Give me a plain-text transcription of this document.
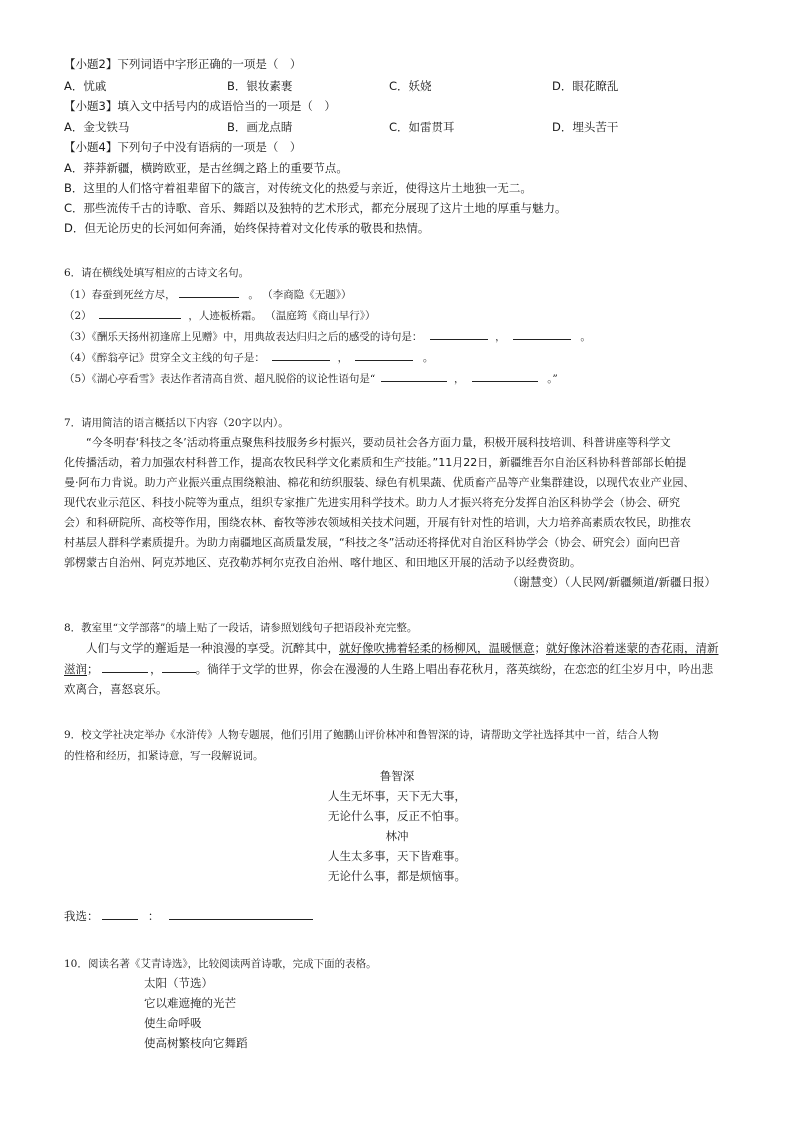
【小题2】下列词语中字形正确的一项是（　）
A．忧戚	B．银妆素裹	C．妖娆	D．眼花瞭乱
【小题3】填入文中括号内的成语恰当的一项是（　）
A．金戈铁马	B．画龙点睛	C．如雷贯耳	D．埋头苦干
【小题4】下列句子中没有语病的一项是（　）
A．莽莽新疆，横跨欧亚，是古丝绸之路上的重要节点。
B．这里的人们恪守着祖辈留下的箴言，对传统文化的热爱与亲近，使得这片土地独一无二。
C．那些流传千古的诗歌、音乐、舞蹈以及独特的艺术形式，都充分展现了这片土地的厚重与魅力。
D．但无论历史的长河如何奔涌，始终保持着对文化传承的敬畏和热情。
6．请在横线处填写相应的古诗文名句。
（1）春蚕到死丝方尽，	。 （李商隐《无题》）
（2）	，人迹板桥霜。 （温庭筠《商山早行》）
（3）《酬乐天扬州初逢席上见赠》中，用典故表达归归之后的感受的诗句是：	，	。
（4）《醉翁亭记》贯穿全文主线的句子是：	，	。
（5）《湖心亭看雪》表达作者清高自赏、超凡脱俗的议论性语句是“	，	。”
7．请用简洁的语言概括以下内容（20字以内）。
“今冬明春‘科技之冬’活动将重点聚焦科技服务乡村振兴，要动员社会各方面力量，积极开展科技培训、科普讲座等科学文
化传播活动，着力加强农村科普工作，提高农牧民科学文化素质和生产技能。”11月22日，新疆维吾尔自治区科协科普部部长帕提
曼·阿布力肯说。助力产业振兴重点围绕粮油、棉花和纺织服装、绿色有机果蔬、优质畜产品等产业集群建设，以现代农业产业园、
现代农业示范区、科技小院等为重点，组织专家推广先进实用科学技术。助力人才振兴将充分发挥自治区科协学会（协会、研究
会）和科研院所、高校等作用，围绕农林、畜牧等涉农领域相关技术问题，开展有针对性的培训，大力培养高素质农牧民，助推农
村基层人群科学素质提升。为助力南疆地区高质量发展，“科技之冬”活动还将择优对自治区科协学会（协会、研究会）面向巴音
郭楞蒙古自治州、阿克苏地区、克孜勒苏柯尔克孜自治州、喀什地区、和田地区开展的活动予以经费资助。
（谢慧变）（人民网/新疆频道/新疆日报）
8．教室里“文学部落”的墙上贴了一段话，请参照划线句子把语段补充完整。
人们与文学的邂逅是一种浪漫的享受。沉醉其中，就好像吹拂着轻柔的杨柳风，温暖惬意；就好像沐浴着迷蒙的杏花雨，清新
滋润；	，	。徜徉于文学的世界，你会在漫漫的人生路上唱出春花秋月，落英缤纷，在恋恋的红尘岁月中，吟出悲
欢离合，喜怒哀乐。
9．校文学社决定举办《水浒传》人物专题展，他们引用了鲍鹏山评价林冲和鲁智深的诗，请帮助文学社选择其中一首，结合人物
的性格和经历，扣紧诗意，写一段解说词。
鲁智深
人生无坏事，天下无大事，
无论什么事，反正不怕事。
林冲
人生太多事，天下皆难事。
无论什么事，都是烦恼事。
我选：	：
10．阅读名著《艾青诗选》，比较阅读两首诗歌，完成下面的表格。
太阳（节选）
它以难遮掩的光芒
使生命呼吸
使高树繁枝向它舞蹈
